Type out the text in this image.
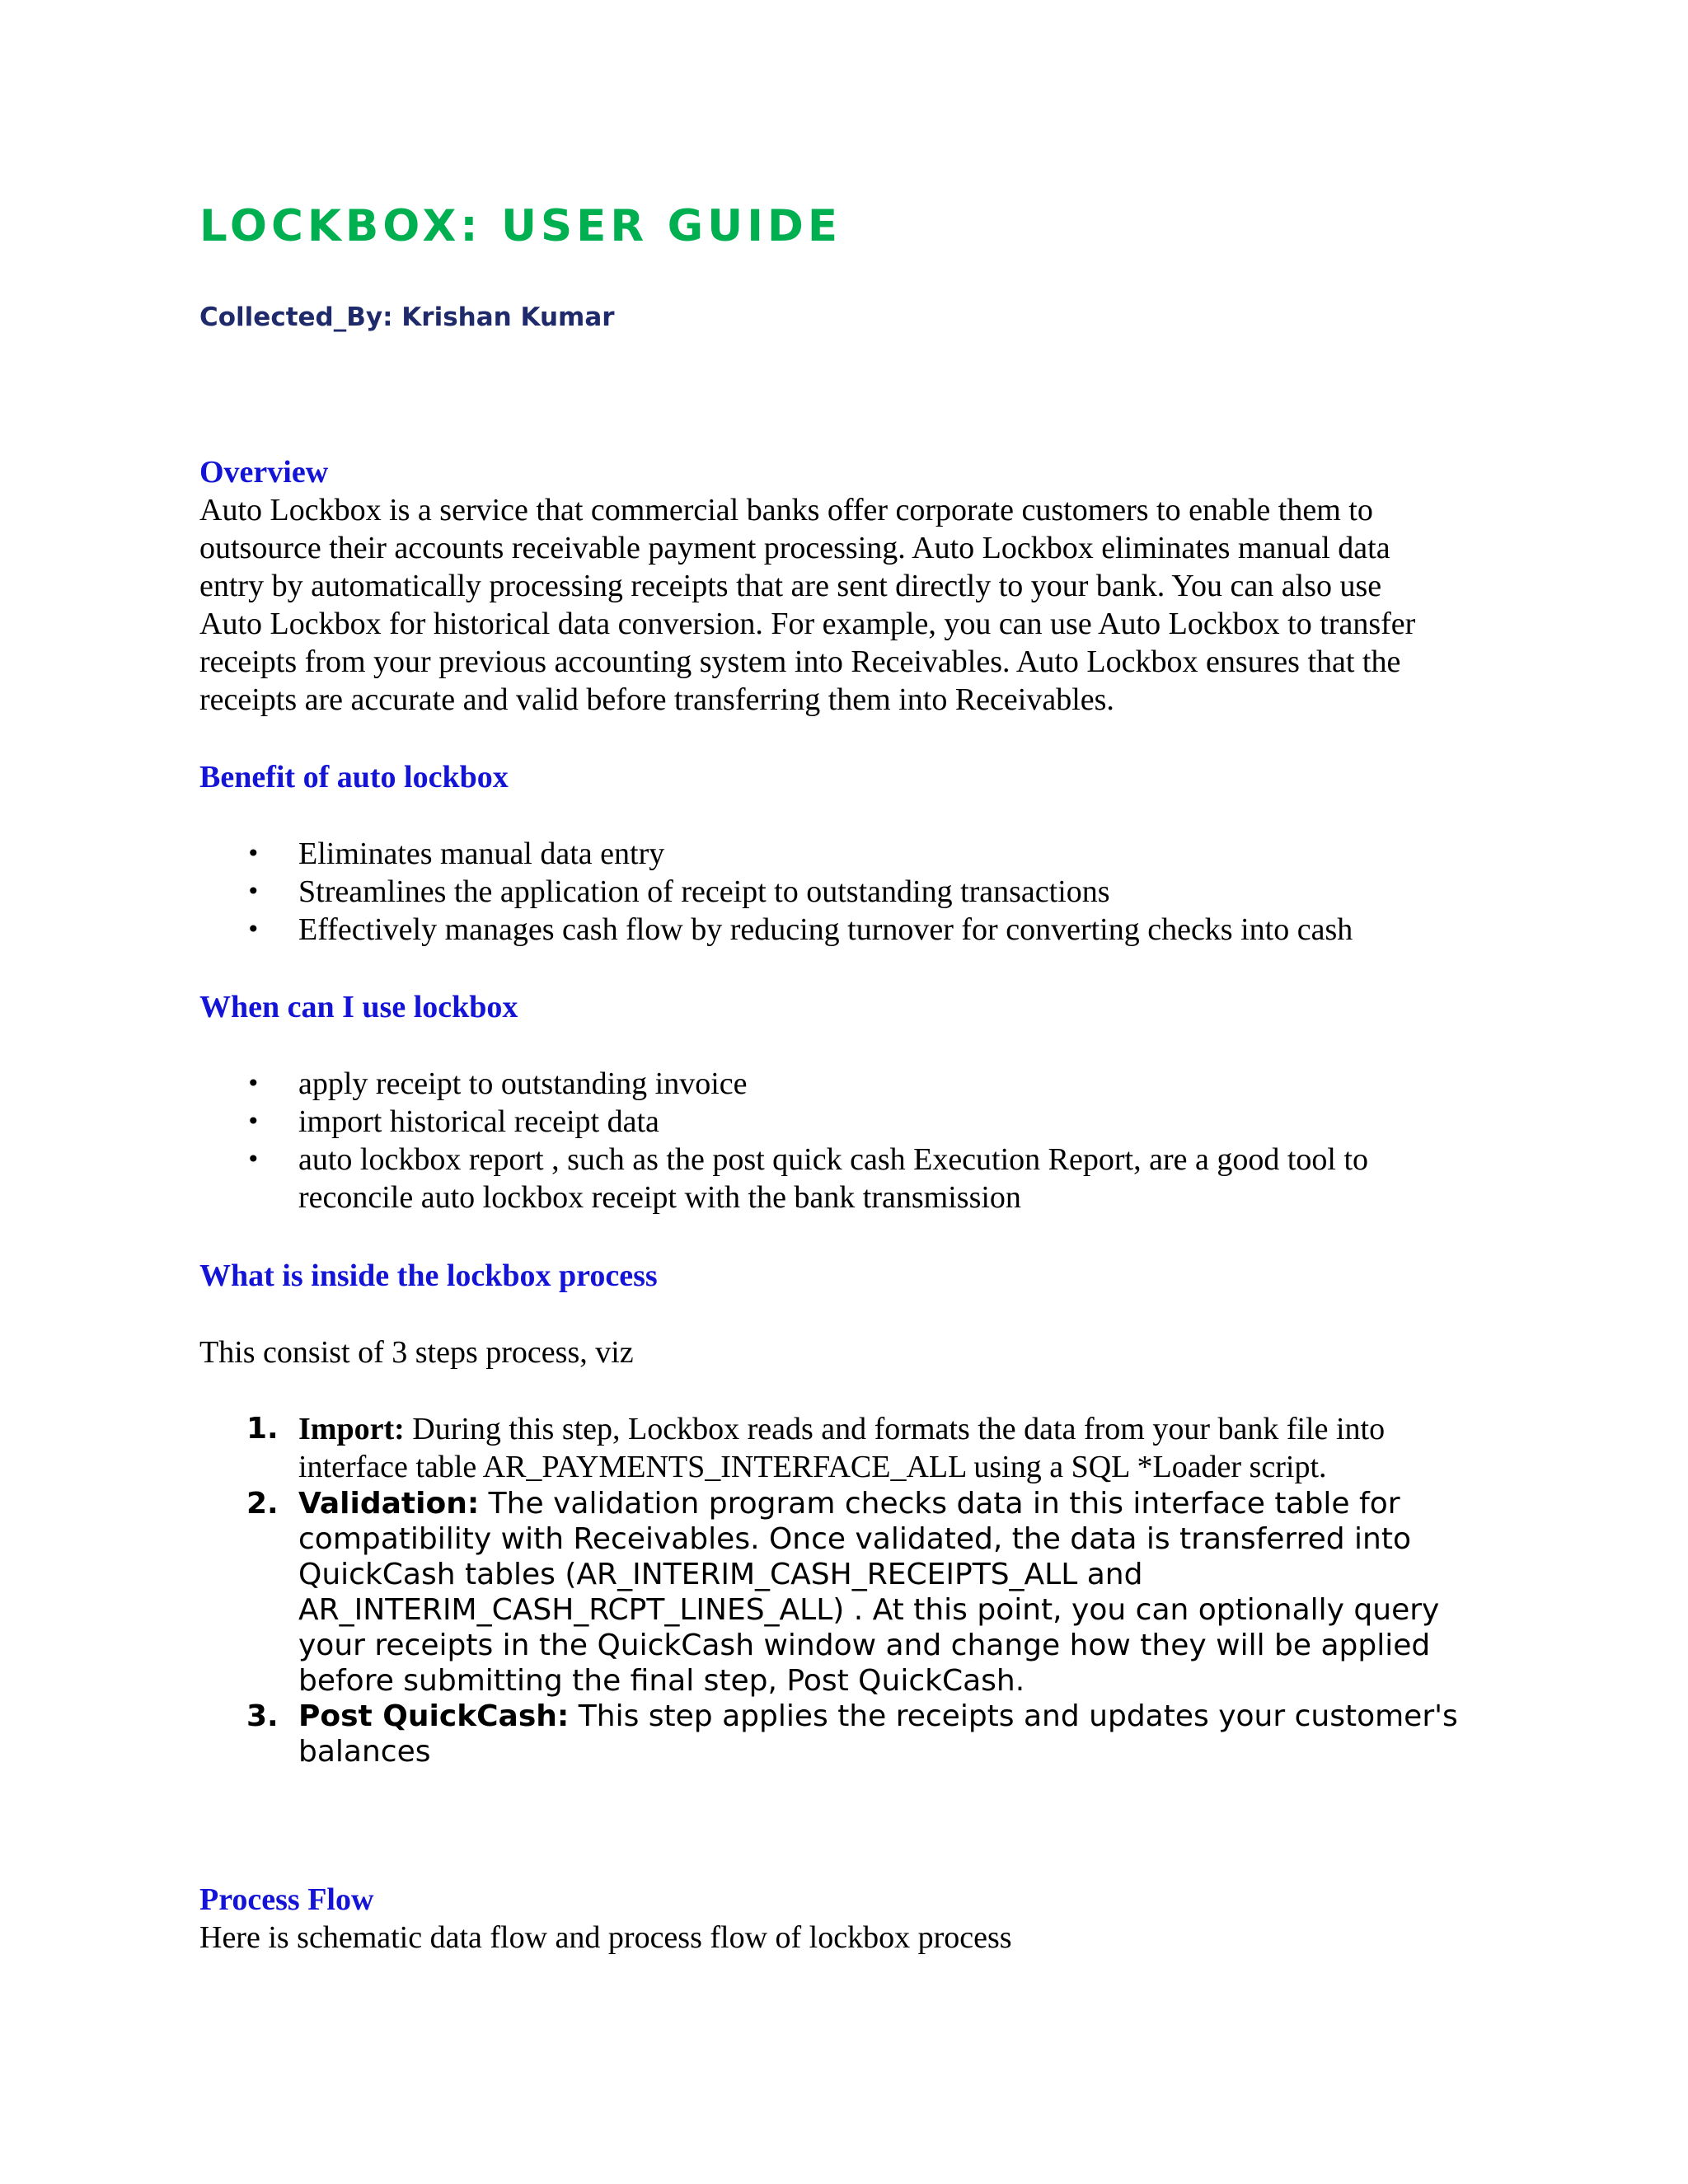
LOCKBOX: USER GUIDE
Collected_By: Krishan Kumar
Overview
Auto Lockbox is a service that commercial banks offer corporate customers to enable them to
outsource their accounts receivable payment processing. Auto Lockbox eliminates manual data
entry by automatically processing receipts that are sent directly to your bank. You can also use
Auto Lockbox for historical data conversion. For example, you can use Auto Lockbox to transfer
receipts from your previous accounting system into Receivables. Auto Lockbox ensures that the
receipts are accurate and valid before transferring them into Receivables.
Benefit of auto lockbox
• Eliminates manual data entry
• Streamlines the application of receipt to outstanding transactions
• Effectively manages cash flow by reducing turnover for converting checks into cash
When can I use lockbox
• apply receipt to outstanding invoice
• import historical receipt data
• auto lockbox report , such as the post quick cash Execution Report, are a good tool to
reconcile auto lockbox receipt with the bank transmission
What is inside the lockbox process

This consist of 3 steps process, viz

1. Import: During this step, Lockbox reads and formats the data from your bank file into
interface table AR_PAYMENTS_INTERFACE_ALL using a SQL *Loader script.
2. Validation: The validation program checks data in this interface table for
compatibility with Receivables. Once validated, the data is transferred into
QuickCash tables (AR_INTERIM_CASH_RECEIPTS_ALL and
AR_INTERIM_CASH_RCPT_LINES_ALL) . At this point, you can optionally query
your receipts in the QuickCash window and change how they will be applied
before submitting the final step, Post QuickCash.
3. Post QuickCash: This step applies the receipts and updates your customer's
balances
Process Flow

Here is schematic data flow and process flow of lockbox process
